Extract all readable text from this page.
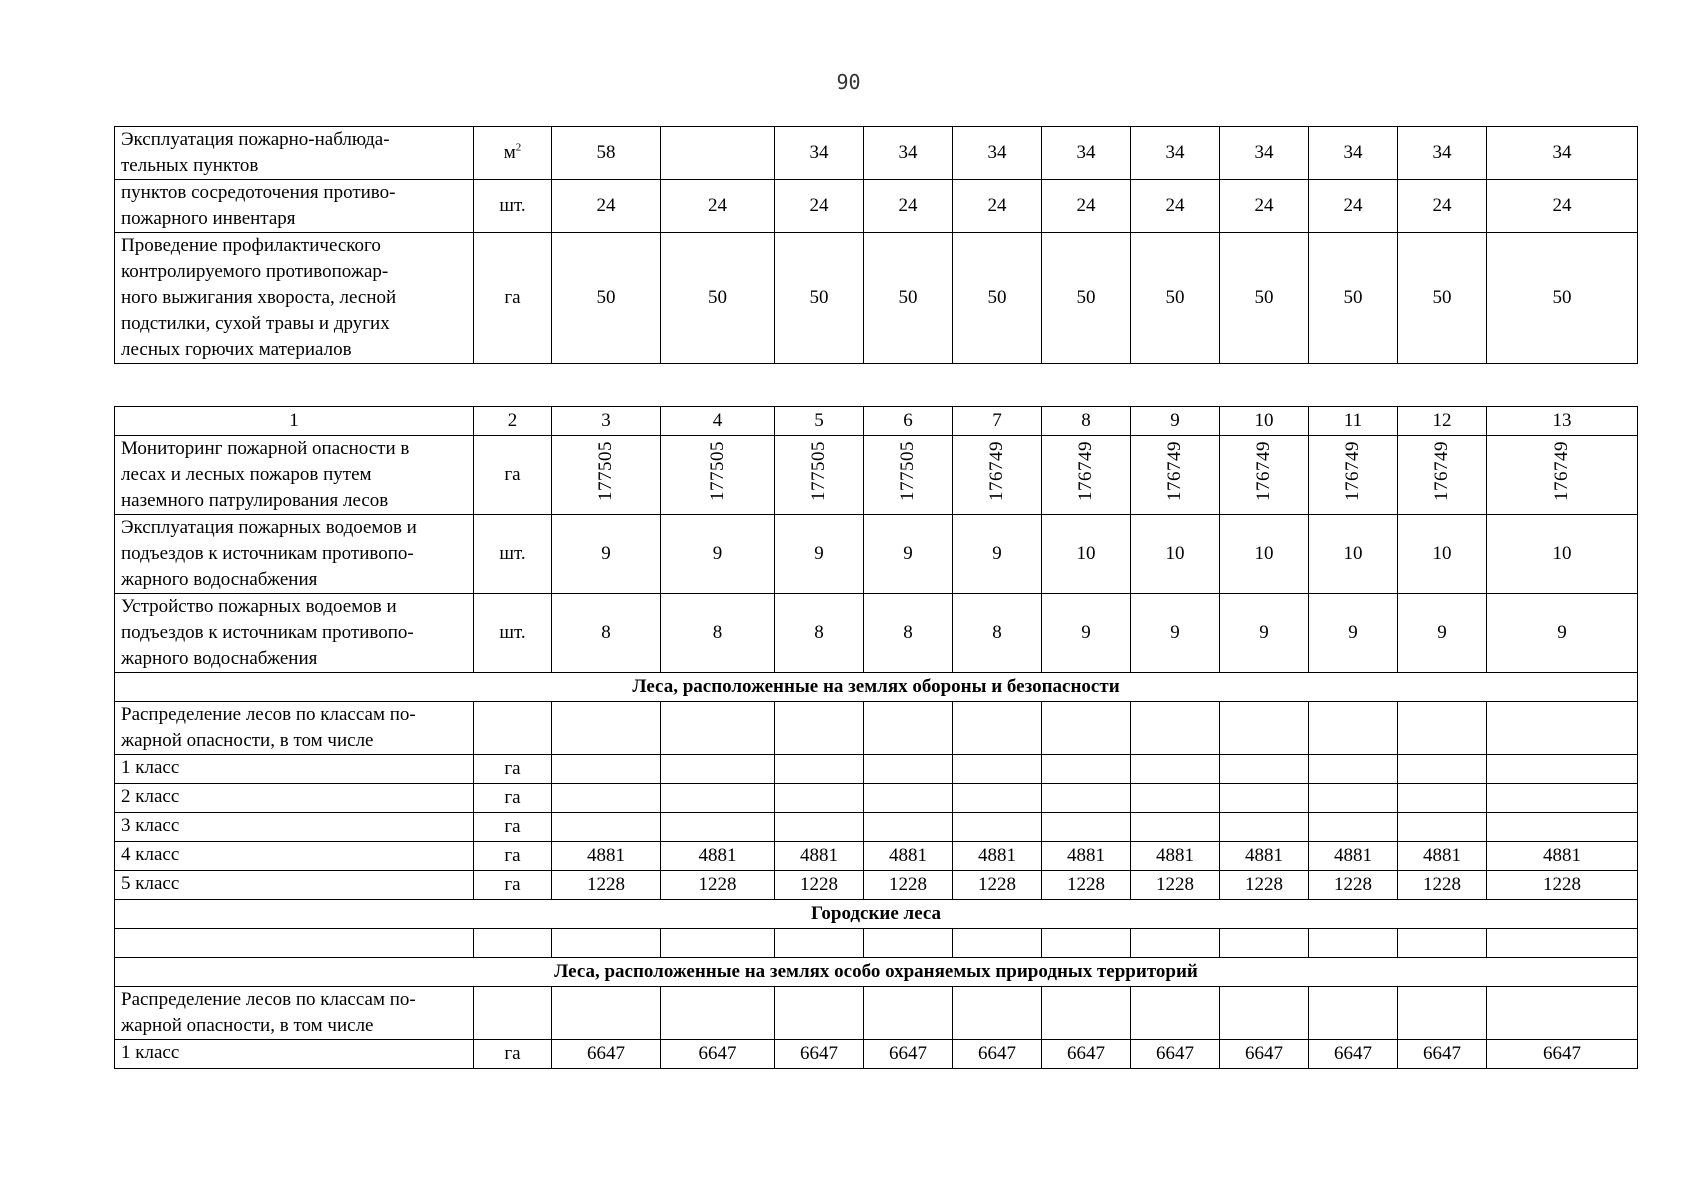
90
Эксплуатация пожарно-наблюда-
тельных пунктов	$м^2$	58		34	34	34	34	34	34	34	34	34
пунктов сосредоточения противо-
пожарного инвентаря	шт.	24	24	24	24	24	24	24	24	24	24	24
Проведение профилактического
контролируемого противопожар-
ного выжигания хвороста, лесной
подстилки, сухой травы и других
лесных горючих материалов	га	50	50	50	50	50	50	50	50	50	50	50
1	2	3	4	5	6	7	8	9	10	11	12	13
Мониторинг пожарной опасности в
лесах и лесных пожаров путем
наземного патрулирования лесов	га	177505	177505	177505	177505	176749	176749	176749	176749	176749	176749	176749
Эксплуатация пожарных водоемов и
подъездов к источникам противопо-
жарного водоснабжения	шт.	9	9	9	9	9	10	10	10	10	10	10
Устройство пожарных водоемов и
подъездов к источникам противопо-
жарного водоснабжения	шт.	8	8	8	8	8	9	9	9	9	9	9
Леса, расположенные на землях обороны и безопасности												
Распределение лесов по классам по-
жарной опасности, в том числе												
1 класс	га											
2 класс	га											
3 класс	га											
4 класс	га	4881	4881	4881	4881	4881	4881	4881	4881	4881	4881	4881
5 класс	га	1228	1228	1228	1228	1228	1228	1228	1228	1228	1228	1228
Городские леса												

Леса, расположенные на землях особо охраняемых природных территорий												
Распределение лесов по классам по-
жарной опасности, в том числе												
1 класс	га	6647	6647	6647	6647	6647	6647	6647	6647	6647	6647	6647
